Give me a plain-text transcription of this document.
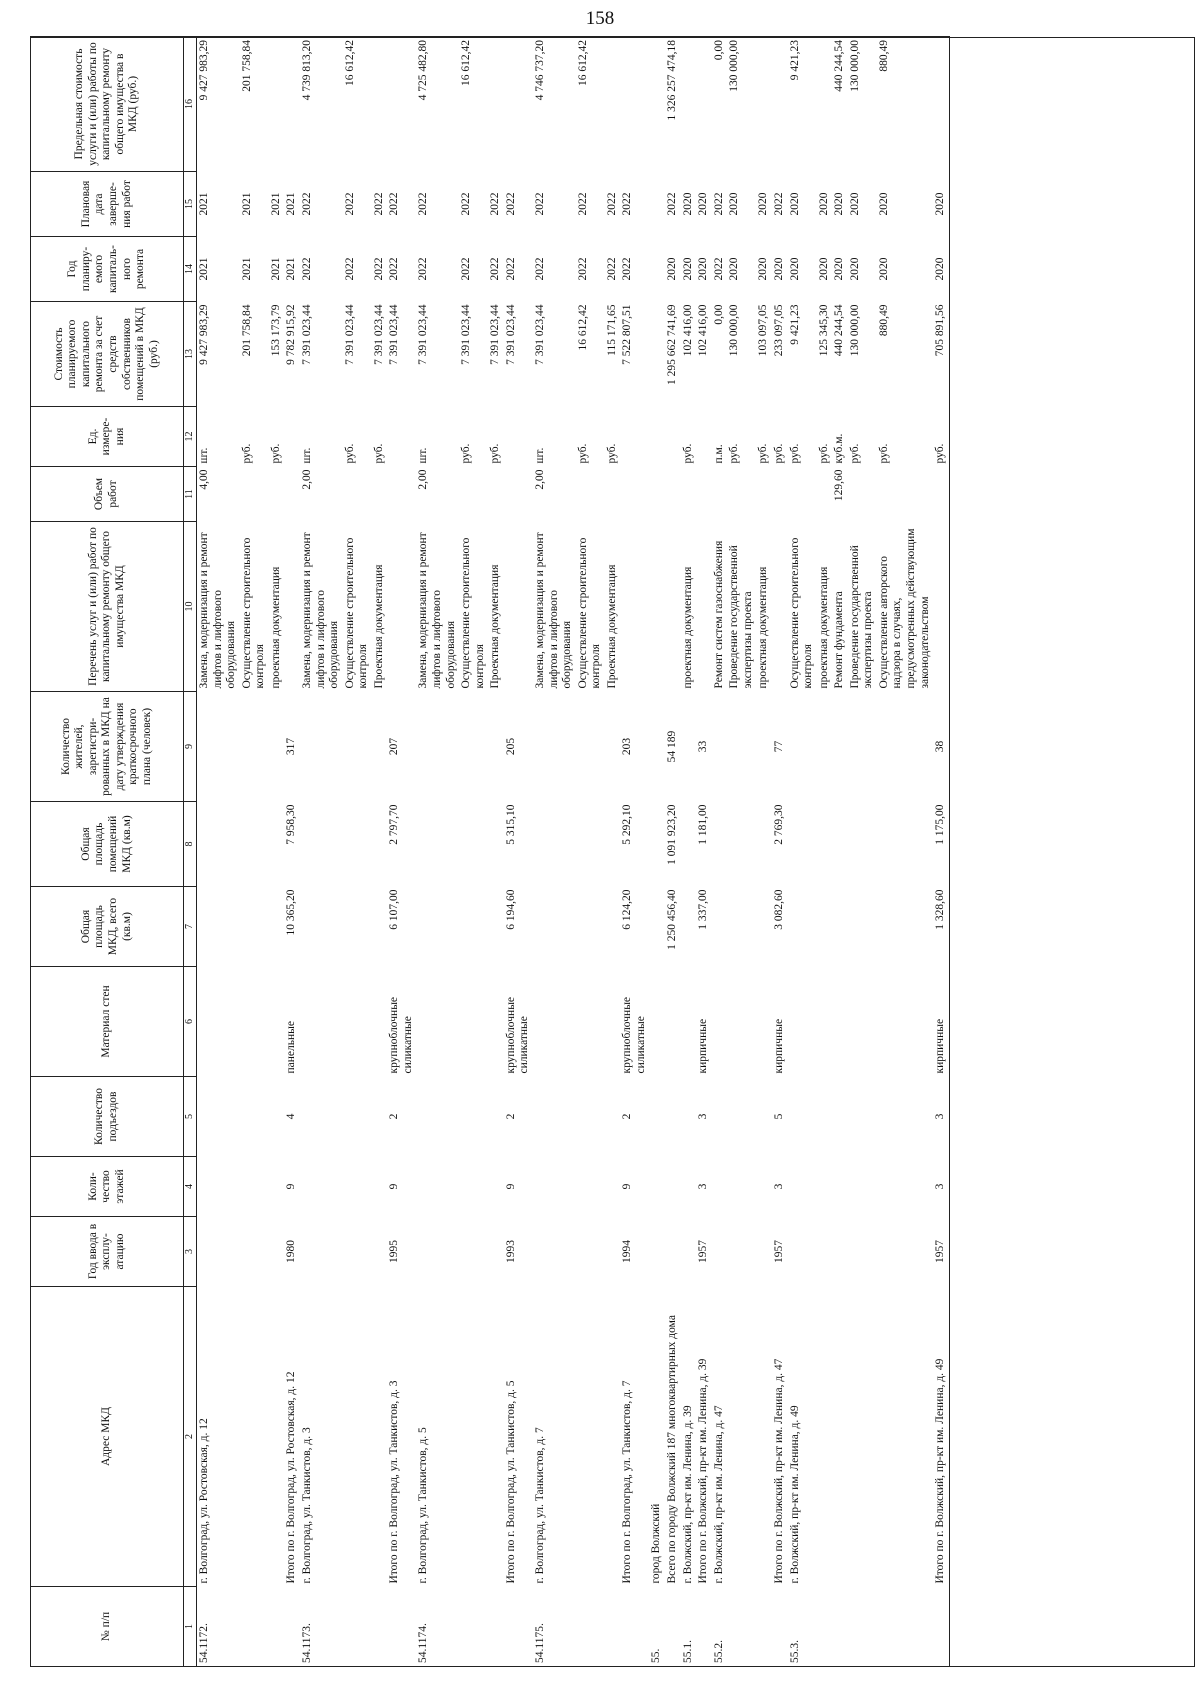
158
№ п/п	Адрес МКД	Год ввода в эксплу-атацию	Коли-чество этажей	Количество подъездов	Материал стен	Общая площадь МКД, всего (кв.м)	Общая площадь помещений МКД (кв.м)	Количество жителей, зарегистри-рованных в МКД на дату утверждения краткосрочного плана (человек)	Перечень услуг и (или) работ по капитальному ремонту общего имущества МКД	Объем работ	Ед. измере-ния	Стоимость планируемого капитального ремонта за счет средств собственников помещений в МКД (руб.)	Год планиру-емого капиталь-ного ремонта	Плановая дата заверше-ния работ	Предельная стоимость услуги и (или) работы по капитальному ремонту общего имущества в МКД (руб.)
1	2	3	4	5	6	7	8	9	10	11	12	13	14	15	16
54.1172.	г. Волгоград, ул. Ростовская, д. 12								Замена, модернизация и ремонт лифтов и лифтового оборудования	4,00	шт.	9 427 983,29	2021	2021	9 427 983,29
									Осуществление строительного контроля		руб.	201 758,84	2021	2021	201 758,84
									проектная документация		руб.	153 173,79	2021	2021	
	Итого по г. Волгоград, ул. Ростовская, д. 12	1980	9	4	панельные	10 365,20	7 958,30	317				9 782 915,92	2021	2021	
54.1173.	г. Волгоград, ул. Танкистов, д. 3								Замена, модернизация и ремонт лифтов и лифтового оборудования	2,00	шт.	7 391 023,44	2022	2022	4 739 813,20
									Осуществление строительного контроля		руб.	7 391 023,44	2022	2022	16 612,42
									Проектная документация		руб.	7 391 023,44	2022	2022	
	Итого по г. Волгоград, ул. Танкистов, д. 3	1995	9	2	крупноблочные силикатные	6 107,00	2 797,70	207				7 391 023,44	2022	2022	
54.1174.	г. Волгоград, ул. Танкистов, д. 5								Замена, модернизация и ремонт лифтов и лифтового оборудования	2,00	шт.	7 391 023,44	2022	2022	4 725 482,80
									Осуществление строительного контроля		руб.	7 391 023,44	2022	2022	16 612,42
									Проектная документация		руб.	7 391 023,44	2022	2022	
	Итого по г. Волгоград, ул. Танкистов, д. 5	1993	9	2	крупноблочные силикатные	6 194,60	5 315,10	205				7 391 023,44	2022	2022	
54.1175.	г. Волгоград, ул. Танкистов, д. 7								Замена, модернизация и ремонт лифтов и лифтового оборудования	2,00	шт.	7 391 023,44	2022	2022	4 746 737,20
									Осуществление строительного контроля		руб.	16 612,42	2022	2022	16 612,42
									Проектная документация		руб.	115 171,65	2022	2022	
	Итого по г. Волгоград, ул. Танкистов, д. 7	1994	9	2	крупноблочные силикатные	6 124,20	5 292,10	203				7 522 807,51	2022	2022	
55.	город Волжский														
	Всего по городу Волжский 187 многоквартирных дома					1 250 456,40	1 091 923,20	54 189				1 295 662 741,69	2020	2022	1 326 257 474,18
55.1.	г. Волжский, пр-кт им. Ленина, д. 39								проектная документация		руб.	102 416,00	2020	2020	
	Итого по г. Волжский, пр-кт им. Ленина, д. 39	1957	3	3	кирпичные	1 337,00	1 181,00	33				102 416,00	2020	2020	
55.2.	г. Волжский, пр-кт им. Ленина, д. 47								Ремонт систем газоснабжения		п.м.	0,00	2022	2022	0,00
									Проведение государственной экспертизы проекта		руб.	130 000,00	2020	2020	130 000,00
									проектная документация		руб.	103 097,05	2020	2020	
	Итого по г. Волжский, пр-кт им. Ленина, д. 47	1957	3	5	кирпичные	3 082,60	2 769,30	77			руб.	233 097,05	2020	2022	
55.3.	г. Волжский, пр-кт им. Ленина, д. 49								Осуществление строительного контроля		руб.	9 421,23	2020	2020	9 421,23
									проектная документация		руб.	125 345,30	2020	2020	
									Ремонт фундамента	129,60	куб.м.	440 244,54	2020	2020	440 244,54
									Проведение государственной экспертизы проекта		руб.	130 000,00	2020	2020	130 000,00
									Осуществление авторского надзора в случаях, предусмотренных действующим законодательством		руб.	880,49	2020	2020	880,49
	Итого по г. Волжский, пр-кт им. Ленина, д. 49	1957	3	3	кирпичные	1 328,60	1 175,00	38			руб.	705 891,56	2020	2020	
